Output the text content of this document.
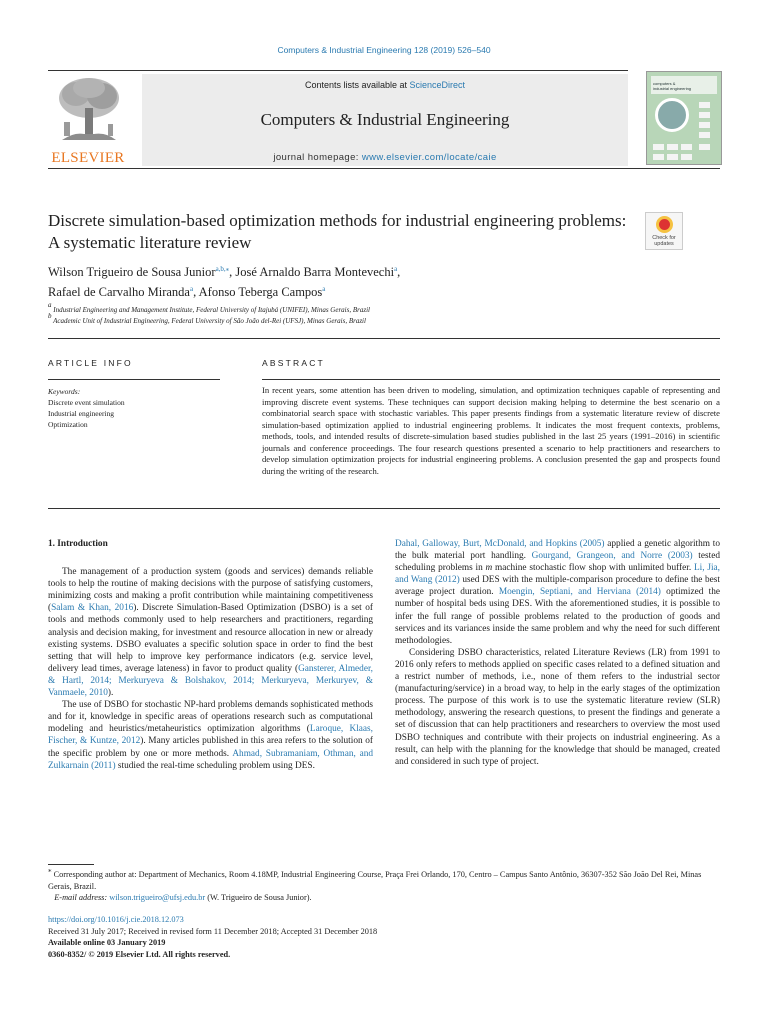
Computers & Industrial Engineering 128 (2019) 526–540
ELSEVIER
Contents lists available at ScienceDirect
Computers & Industrial Engineering
journal homepage: www.elsevier.com/locate/caie
computers &
industrial engineering
Discrete simulation-based optimization methods for industrial engineering problems: A systematic literature review	Check for
updates
Wilson Trigueiro de Sousa Junior$^{a,b,⁎}$, José Arnaldo Barra Montevechi$^a$,
Rafael de Carvalho Miranda$^a$, Afonso Teberga Campos$^a$
$^a$ Industrial Engineering and Management Institute, Federal University of Itajubá (UNIFEI), Minas Gerais, Brazil
$^b$ Academic Unit of Industrial Engineering, Federal University of São João del-Rei (UFSJ), Minas Gerais, Brazil
ARTICLE INFO
Keywords:
Discrete event simulation
Industrial engineering
Optimization
ABSTRACT
In recent years, some attention has been driven to modeling, simulation, and optimization techniques capable of representing and improving discrete event systems. These techniques can support decision making helping to determine the best scenario on a combinatorial search space with stochastic variables. This paper presents findings from a systematic literature review of discrete simulation-based optimization applied to industrial engineering problems. It indicates the most frequent contexts, problems, methods, tools, and intended results of discrete-simulation based studies published in the last 25 years (1991–2016) in scientific journals and conference proceedings. The four research questions presented a scenario to help practitioners and researchers to develop simulation optimization projects for industrial engineering problems. A conclusion presented the gap and prospects found during the writing of the research.
1. Introduction

The management of a production system (goods and services) demands reliable tools to help the routine of making decisions with the purpose of satisfying customers, minimizing costs and making a profit contribution while maintaining competitiveness (Salam & Khan, 2016). Discrete Simulation-Based Optimization (DSBO) is a set of tools and methods commonly used to help researchers and practitioners, regarding analysis and decision making, for investment and resource allocation in new or already existing systems. DSBO evaluates a specific solution space in order to find the best setting that will help to improve key performance indicators (e.g. service level, delivery lead times, average lateness) in favor to product quality (Gansterer, Almeder, & Hartl, 2014; Merkuryeva & Bolshakov, 2014; Merkuryeva, Merkuryev, & Vanmaele, 2010).

The use of DSBO for stochastic NP-hard problems demands sophisticated methods and for it, knowledge in specific areas of operations research such as computational modeling and heuristics/metaheuristics optimization algorithms (Laroque, Klaas, Fischer, & Kuntze, 2012). Many articles published in this area refers to the solution of the specific problem by one or more methods. Ahmad, Subramaniam, Othman, and Zulkarnain (2011) studied the real-time scheduling problem using DES.

Dahal, Galloway, Burt, McDonald, and Hopkins (2005) applied a genetic algorithm to the bulk material port handling. Gourgand, Grangeon, and Norre (2003) tested scheduling problems in m machine stochastic flow shop with unlimited buffer. Li, Jia, and Wang (2012) used DES with the multiple-comparison procedure to define the best average project duration. Moengin, Septiani, and Herviana (2014) optimized the number of hospital beds using DES. With the aforementioned studies, it is possible to infer the full range of possible problems related to the production of goods and services and its variances inside the same problem and why the need for such different methodologies.

Considering DSBO characteristics, related Literature Reviews (LR) from 1991 to 2016 only refers to methods applied on specific cases related to a defined situation and a restrict number of methods, i.e., none of them refers to the industrial sector (manufacturing/service) in a broad way, to help in the early stages of the optimization process. The purpose of this work is to use the systematic literature review (SLR) methodology, answering the research questions, to present the findings and generate a set of discussion that can help practitioners and researchers to overview the most used DSBO techniques and contribute with their projects on industrial engineering. As a result, can help with the planning for the knowledge that should be managed, created and considered in such type of project.

⁎ Corresponding author at: Department of Mechanics, Room 4.18MP, Industrial Engineering Course, Praça Frei Orlando, 170, Centro – Campus Santo Antônio, 36307-352 São João Del Rei, Minas Gerais, Brazil.
E-mail address: wilson.trigueiro@ufsj.edu.br (W. Trigueiro de Sousa Junior).
https://doi.org/10.1016/j.cie.2018.12.073
Received 31 July 2017; Received in revised form 11 December 2018; Accepted 31 December 2018
Available online 03 January 2019
0360-8352/ © 2019 Elsevier Ltd. All rights reserved.
